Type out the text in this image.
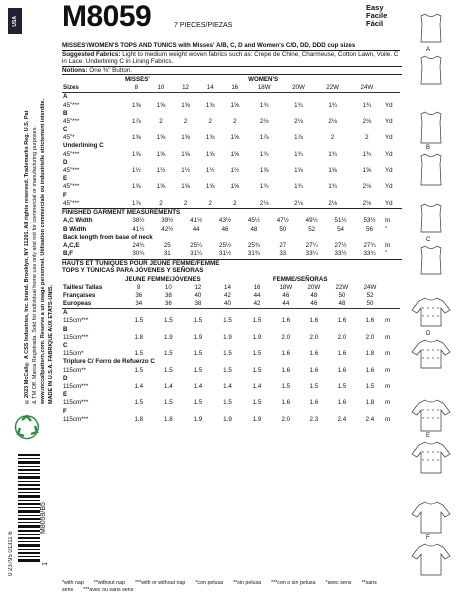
USA
©2023 McCall® A CSS Industries, Inc. brand. Brooklyn, NY 11201. All rights reserved. Trademarks Reg. U.S. Pat & TM Off. Marca Registrada. Sold for individual home use only and not for commercial or manufacturing purposes. www.mccallpattern.com. Reserve a un usage personnel. Utilisation commerciale ou industrielle strictement interdite. MADE IN U.S.A. FABRIQUE AUX ETATS-UNIS.
0 23795 01311 6
M8059/B5
1
M8059	7 PIECES/PIEZAS
Easy
Facile
Fácil
MISSES'/WOMEN'S TOPS AND TUNICS with Misses' A/B, C, D and Women's C/D, DD, DDD cup sizes
Suggested Fabrics: Light to medium weight woven fabrics such as: Crepe de Chine, Charmeuse, Cotton Lawn, Voile. C in Lace. Underlining C in Lining Fabrics.
Notions: One ⅜" Button.
	MISSES'					WOMEN'S				
Sizes	8	10	12	14	16	18W	20W	22W	24W	
A										
45"***	1⅝	1⅝	1⅝	1⅝	1⅝	1¾	1¾	1¾	1¾	Yd
B										
45"***	1⅞	2	2	2	2	2⅛	2⅛	2⅛	2⅛	Yd
C										
45"*	1⅝	1⅝	1⅝	1⅝	1⅝	1⅞	1⅞	2	2	Yd
Underlining C										
45"***	1⅝	1⅝	1⅝	1⅝	1⅝	1¾	1¾	1¾	1¾	Yd
D										
45"***	1½	1½	1½	1½	1½	1⅝	1⅝	1⅝	1⅝	Yd
E										
45"***	1⅝	1⅝	1⅝	1⅝	1⅝	1¾	1¾	1¾	2⅛	Yd
F										
45"***	1⅞	2	2	2	2	2⅛	2⅛	2⅛	2⅛	Yd
FINISHED GARMENT MEASUREMENTS
A,C Width	38½	39½	41½	43½	45½	47½	49½	51½	53½	In
B Width	41½	42½	44	46	48	50	52	54	56	"
Back length from base of neck										
A,C,E	24¾	25	25¼	25½	25¾	27	27¼	27½	27¾	In
B,F	30¾	31	31¼	31½	31¾	33	33¼	33½	33¾	"
HAUTS ET TUNIQUES POUR JEUNE FEMME/FEMME
TOPS Y TÚNICAS PARA JÓVENES Y SEÑORAS
	JEUNE FEMME/JÓVENES					FEMME/SEÑORAS				
Tailles/ Tallas	8	10	12	14	16	18W	20W	22W	24W	
Françaises	36	38	40	42	44	46	48	50	52	
Europeas	34	36	38	40	42	44	46	48	50	
A										
115cm***	1.5	1.5	1.5	1.5	1.5	1.6	1.6	1.6	1.6	m
B										
115cm***	1.8	1.9	1.9	1.9	1.9	2.0	2.0	2.0	2.0	m
C										
115cm*	1.5	1.5	1.5	1.5	1.5	1.6	1.6	1.6	1.8	m
Triplure C/ Forro de Refuerzo C										
115cm**	1.5	1.5	1.5	1.5	1.5	1.6	1.6	1.6	1.6	m
D										
115cm***	1.4	1.4	1.4	1.4	1.4	1.5	1.5	1.5	1.5	m
E										
115cm***	1.5	1.5	1.5	1.5	1.5	1.6	1.6	1.6	1.8	m
F										
115cm***	1.8	1.8	1.9	1.9	1.9	2.0	2.3	2.4	2.4	m
*with nap **without nap ***with or without nap *con pelusa **sin pelusa ***con o sin pelusa *avec sens **sans sens ***avec ou sans sens
A
B
C
D
E
F
